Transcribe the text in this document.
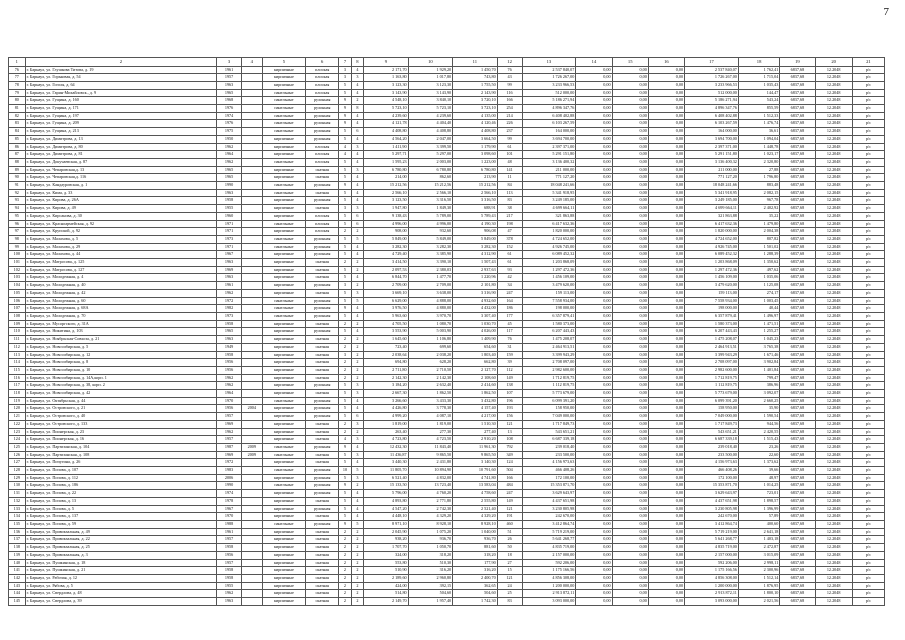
7
1	2	3	4	5	6	7	8	9	10	11	12	13	14	15	16	17	18	19	20	21
76	г. Барнаул, ул. Глушкова Титова, д. 19	1961		кирпичные	плоская	3	4	2 171,70	1 929,20	1 450,70	76	2 537 840,07	0,00	0,00	0,00	2 537 840,07	1 762,41	6837,68	12.2048	р/с
77	г. Барнаул, ул. Горьковая, д. 54	1957		кирпичные	плоская	3	3	1 163,80	1 017,80	743,80	43	1 726 267,00	0,00	0,00	0,00	1 726 267,00	1 715,04	6837,68	12.2048	р/с
78	г. Барнаул, ул. Гоголя, д. 64	1963		кирпичные	плоская	5	4	3 123,30	3 123,30	1 755,50	99	3 233 966,53	0,00	0,00	0,00	3 233 966,53	1 035,43	6837,68	12.2048	р/с
79	г. Барнаул, ул. Гарин-Михайловск., д. 9	1965		панельные	плоская	5	4	3 143,90	3 143,90	2 143,90	116	512 000,00	0,00	0,00	0,00	512 000,00	144,47	6837,68	12.2048	р/с
80	г. Барнаул, ул. Гущина, д. 160	1968		панельные	рулонная	9	2	4 548,10	3 840,10	3 720,10	166	5 186 271,94	0,00	0,00	0,00	5 186 271,94	543,24	6837,68	12.2048	р/с
81	г. Барнаул, ул. Гущина, д. 171	1976		панельные	рулонная	9	8	5 723,10	5 723,10	3 723,10	254	4 896 347,76	0,00	0,00	0,00	4 896 347,76	855,59	6837,68	12.2048	р/с
82	г. Барнаул, ул. Гущина, д. 197	1974		панельные	рулонная	9	4	4 239,60	4 239,60	4 135,00	214	6 408 402,88	0,00	0,00	0,00	6 408 402,88	1 512,33	6837,68	12.2048	р/с
83	г. Барнаул, ул. Гущина, д. 209	1976		панельные	рулонная	9	4	4 121,78	4 404,40	4 120,46	226	6 103 267,59	0,00	0,00	0,00	6 103 267,59	1 476,74	6837,68	12.2048	р/с
84	г. Барнаул, ул. Гущина, д. 213	1975		панельные	рулонная	5	6	4 408,80	4 408,80	4 408,80	237	164 000,00	0,00	0,00	0,00	164 000,00	36,61	6837,68	12.2048	р/с
85	г. Барнаул, ул. Димитрова, д. 13	1950		кирпичные	рулонная	5	4	4 564,20	2 047,00	3 664,50	99	3 694 700,00	0,00	0,00	0,00	3 694 700,00	1 094,04	6837,68	12.2048	р/с
86	г. Барнаул, ул. Димитрова, д. 80	1962		кирпичные	плоская	4	3	1 411,90	3 399,50	1 179,90	61	2 397 371,00	0,00	0,00	0,00	2 397 371,00	1 448,78	6837,68	12.2048	р/с
87	г. Барнаул, ул. Димитрова, д. 81	1964		кирпичные	плоская	4	4	5 297,71	5 297,00	3 098,60	101	5 291 151,80	0,00	0,00	0,00	5 291 151,80	1 023,17	6837,68	12.2048	р/с
88	г. Барнаул, ул. Докучаевская, д. 87	1962		панельные	плоская	5	4	1 595,23	2 003,00	1 223,00	48	3 136 400,32	0,00	0,00	0,00	3 136 400,32	2 320,80	6837,68	12.2048	р/с
89	г. Барнаул, ул. Чепаровская,д. 13	1965		кирпичные	скатная	5	3	6 780,80	6 780,80	6 780,80	141	211 000,00	0,00	0,00	0,00	211 000,00	27,88	6837,68	12.2048	р/с
90	г. Барнаул, ул. Чепаровская,д. 116	1965		кирпичные	скатная	5	4	214,00	862,60	213,90	11	771 127,20	0,00	0,00	0,00	771 127,20	1 796,80	6837,68	12.2048	р/с
91	г. Барнаул, ул. Кандауровская, д. 1	1990		панельные	рулонная	9	4	15 212,56	15 212,56	15 212,56	84	18 048 241,66	0,00	0,00	0,00	18 048 241,66	883,48	6837,68	12.2048	р/с
92	г. Барнаул, ул. Кима, д. 33	1963		панельные	скатная	5	4	2 566,10	2 566,10	2 566,10	113	5 341 918,95	0,00	0,00	0,00	5 341 918,95	2 082,15	6837,68	12.2048	р/с
93	г. Барнаул, ул. Кирова, д. 26А	1958		кирпичные	рулонная	5	4	3 123,50	3 316,50	3 316,50	83	3 249 185,00	0,00	0,00	0,00	3 249 185,00	967,78	6837,68	12.2048	р/с
94	г. Барнаул, ул. Кирова, д. 49	1955		кирпичные	скатная	3	3	1 947,80	1 849,30	688,91	38	4 699 664,11	0,00	0,00	0,00	4 699 664,11	2 402,92	6837,68	12.2048	р/с
95	г. Барнаул, ул. Кирсанова, д. 30	1960		кирпичные	плоская	5	6	9 138,43	5 789,00	5 789,43	217	321 863,88	0,00	0,00	0,00	321 863,88	35,22	6837,68	12.2048	р/с
96	г. Барнаул, ул. Красноармейская, д. 92	1971		панельные	плоская	5	6	4 996,00	4 996,00	4 190,30	198	6 417 632,36	0,00	0,00	0,00	6 417 632,36	1 479,80	6837,68	12.2048	р/с
97	г. Барнаул, ул. Крупской, д. 92	1971		кирпичные	плоская	2	2	908,00	932,60	906,08	47	1 820 000,00	0,00	0,00	0,00	1 820 000,00	2 004,38	6837,68	12.2048	р/с
98	г. Барнаул, ул. Малахова, д. 5	1973		панельные	рулонная	5	5	5 849,00	5 849,00	5 849,00	378	4 724 652,00	0,00	0,00	0,00	4 724 652,00	807,82	6837,68	12.2048	р/с
99	г. Барнаул, ул. Малахова, д. 29	1971		панельные	рулонная	5	4	3 282,30	3 282,30	3 282,30	152	4 926 745,00	0,00	0,00	0,00	4 926 745,00	1 501,02	6837,68	12.2048	р/с
100	г. Барнаул, ул. Малахова, д. 44	1967		кирпичные	рулонная	5	4	4 729,40	3 385,90	4 312,90	61	6 089 452,32	0,00	0,00	0,00	6 089 452,32	1 288,39	6837,68	12.2048	р/с
101	г. Барнаул, ул. Матросова, д. 125	1963		кирпичные	скатная	2	2	3 414,50	3 390,10	1 507,43	61	1 203 868,09	0,00	0,00	0,00	1 203 868,09	1 350,62	6837,68	12.2048	р/с
102	г. Барнаул, ул. Матросова, д. 127	1969		кирпичные	скатная	5	2	2 097,53	2 380,03	2 937,63	93	1 297 472,36	0,00	0,00	0,00	1 297 472,36	497,62	6837,68	12.2048	р/с
103	г. Барнаул, ул. Молодежная, д. 4	1963		кирпичные	скатная	5	4	6 844,70	1 477,70	1 220,96	42	1 456 109,00	0,00	0,00	0,00	1 456 109,00	1 035,06	6837,68	12.2048	р/с
104	г. Барнаул, ул. Молодежная, д. 40	1961		кирпичные	рулонная	3	2	2 709,00	2 709,00	2 101,80	34	3 479 620,00	0,00	0,00	0,00	3 479 620,00	1 125,08	6837,68	12.2048	р/с
105	г. Барнаул, ул. Молодежная, д. 42	1962		кирпичные	скатная	5	3	3 669,10	3 638,00	3 316,90	247	159 113,00	0,00	0,00	0,00	159 113,00	274,17	6837,68	12.2048	р/с
106	г. Барнаул, ул. Молодежная, д. 60	1972		панельные	рулонная	5	5	6 629,00	4 888,00	4 932,60	164	7 558 934,00	0,00	0,00	0,00	7 558 934,00	1 003,45	6837,68	12.2048	р/с
107	г. Барнаул, ул. Молодежная, д. 68А	1982		панельные	рулонная	9	4	3 976,50	4 880,00	4 432,00	186	198 000,00	0,00	0,00	0,00	198 000,00	40,44	6837,68	12.2048	р/с
108	г. Барнаул, ул. Молодежная, д. 70	1973		панельные	рулонная	5	4	5 963,60	3 970,70	3 307,40	177	6 357 879,41	0,00	0,00	0,00	6 357 879,41	1 496,97	6837,68	12.2048	р/с
109	г. Барнаул, ул. Мусоргского, д. 31А	1958		кирпичные	скатная	2	2	4 705,50	1 080,70	1 030,70	45	1 580 373,00	0,00	0,00	0,00	1 580 373,00	1 471,51	6837,68	12.2048	р/с
110	г. Барнаул, ул. Никитина, д. 103	1965		кирпичные	рулонная	5	4	3 553,90	5 003,90	4 026,00	117	6 207 443,43	0,00	0,00	0,00	6 207 443,43	1 255,27	6837,68	12.2048	р/с
111	г. Барнаул, ул. Ноябрьская-Совхоза, д. 21	1963		кирпичные	скатная	2	2	1 645,60	1 106,80	1 409,90	76	1 475 208,07	0,00	0,00	0,00	1 475 208,07	1 045,23	6837,68	12.2048	р/с
112	г. Барнаул, ул. Новосибирская, д. 5	1949		кирпичные	скатная	2	2	723,40	699,60	654,60	31	2 464 913,51	0,00	0,00	0,00	2 464 913,51	3 765,38	6837,68	12.2048	р/с
113	г. Барнаул, ул. Новосибирская, д. 12	1958		кирпичные	скатная	3	2	2 038,64	2 038,20	1 803,40	159	3 399 943,29	0,00	0,00	0,00	3 399 943,29	1 671,46	6837,68	12.2048	р/с
114	г. Барнаул, ул. Новосибирская, д. 8	1956		кирпичные	скатная	2	2	694,80	628,20	662,80	39	2 708 097,00	0,00	0,00	0,00	2 708 097,00	3 902,84	6837,68	12.2048	р/с
115	г. Барнаул, ул. Новосибирская, д. 10	1956		кирпичные	скатная	2	2	2 711,80	2 710,50	2 127,70	112	2 982 600,00	0,00	0,00	0,00	2 982 600,00	1 401,84	6837,68	12.2048	р/с
116	г. Барнаул, ул. Новосибирская, д. 14А,корп. 1	1962		кирпичные	скатная	2	2	2 142,30	2 142,30	2 108,60	149	1 712 819,75	0,00	0,00	0,00	1 712 819,75	799,47	6837,68	12.2048	р/с
117	г. Барнаул, ул. Новосибирская, д. 38, корп. 2	1962		кирпичные	рулонная	5	3	3 184,20	2 632,40	2 414,60	138	1 112 819,75	0,00	0,00	0,00	1 112 819,75	386,96	6837,68	12.2048	р/с
118	г. Барнаул, ул. Новосибирская, д. 42	1964		кирпичные	скатная	5	3	2 667,30	1 862,50	1 862,50	107	5 773 679,00	0,00	0,00	0,00	5 773 679,00	3 092,07	6837,68	12.2048	р/с
119	г. Барнаул, ул. Октябрьская, д. 44	1970		панельные	рулонная	5	4	3 266,60	3 433,30	3 432,80	196	6 099 391,20	0,00	0,00	0,00	6 099 391,20	2 660,25	6837,68	12.2048	р/с
120	г. Барнаул, ул. Островского, д. 21	1956	2004	кирпичные	рулонная	5	4	4 426,80	3 778,30	4 157,40	193	158 950,00	0,00	0,00	0,00	158 950,00	35,90	6837,68	12.2048	р/с
121	г. Барнаул, ул. Островского, д. 40	1957		кирпичные	рулонная	5	6	4 999,20	4 087,10	4 217,00	156	7 049 000,00	0,00	0,00	0,00	7 049 000,00	1 590,54	6837,68	12.2048	р/с
122	г. Барнаул, ул. Островского, д. 133	1969		кирпичные	скатная	2	3	1 819,00	1 819,00	1 510,30	121	1 717 849,73	0,00	0,00	0,00	1 717 849,73	944,56	6837,68	12.2048	р/с
123	г. Барнаул, ул. Пионерская, д. 23	1962		кирпичные	скатная	2	2	263,40	277,30	277,40	13	543 651,21	0,00	0,00	0,00	543 651,21	2 420,55	6837,68	12.2048	р/с
124	г. Барнаул, ул. Пионерская, д. 16	1957		кирпичные	скатная	4	3	4 723,80	4 723,50	2 910,20	108	6 687 339,18	0,00	0,00	0,00	6 687 339,18	1 515,43	6837,68	12.2048	р/с
125	г. Барнаул, ул. Партизанская, д. 104	1987	2009	панельные	рулонная	9	4	12 432,30	11 843,40	11 961,30	792	239 018,40	0,00	0,00	0,00	239 018,40	23,26	6837,68	12.2048	р/с
126	г. Барнаул, ул. Партизанская, д. 108	1969	2009	панельные	скатная	5	3	11 436,87	9 865,50	9 865,50	349	233 500,00	0,00	0,00	0,00	233 500,00	22,60	6837,68	12.2048	р/с
127	г. Барнаул, ул. Пичугина, д. 26	1972		кирпичные	скатная	5	4	3 440,30	2 431,80	3 140,30	124	4 156 973,63	0,00	0,00	0,00	4 156 973,63	1 373,62	6837,68	12.2048	р/с
128	г. Барнаул, ул. Попова, д. 107	1983		панельные	рулонная	10	5	11 805,70	10 894,90	10 791,60	504	466 408,26	0,00	0,00	0,00	466 408,26	39,66	6837,68	12.2048	р/с
129	г. Барнаул, ул. Попова, д. 112	2006		кирпичные	рулонная	5	3	6 521,40	4 832,00	4 741,80	166	172 100,00	0,00	0,00	0,00	172 100,00	48,97	6837,68	12.2048	р/с
130	г. Барнаул, ул. Попова, д. 186	1990		панельные	рулонная	9	2	15 133,50	13 723,40	13 583,04	484	15 353 871,70	0,00	0,00	0,00	15 353 871,70	1 014,25	6837,68	12.2048	р/с
131	г. Барнаул, ул. Попова, д. 22	1974		кирпичные	рулонная	5	4	5 796,00	4 760,20	4 758,60	247	3 629 643,97	0,00	0,00	0,00	3 629 643,97	723,01	6837,68	12.2048	р/с
132	г. Барнаул, ул. Попова, д. 13	1978		кирпичные	скатная	5	4	4 893,80	2 771,80	2 555,80	149	4 437 651,98	0,00	0,00	0,00	4 437 651,98	1 898,57	6837,68	12.2048	р/с
133	г. Барнаул, ул. Попова, д. 5	1967		кирпичные	рулонная	5	4	4 547,20	2 742,30	2 521,40	121	3 230 805,98	0,00	0,00	0,00	3 230 805,98	1 396,99	6837,68	12.2048	р/с
134	г. Барнаул, ул. Попова, д. 137	1970		кирпичные	скатная	5	4	4 448,10	4 329,20	4 329,20	191	242 670,00	0,00	0,00	0,00	242 670,00	57,89	6837,68	12.2048	р/с
135	г. Барнаул, ул. Попова, д. 59	1988		панельные	рулонная	9	5	8 971,10	8 928,10	8 928,10	460	3 412 864,74	0,00	0,00	0,00	3 412 864,74	400,60	6837,68	12.2048	р/с
136	г. Барнаул, ул. Привокзальная, д. 49	1961		кирпичные	скатная	2	2	2 045,90	1 075,20	1 040,00	51	5 719 219,00	0,00	0,00	0,00	5 719 219,00	2 641,18	6837,68	12.2048	р/с
137	г. Барнаул, ул. Привокзальная, д. 22	1957		кирпичные	скатная	2	2	938,20	936,70	936,70	26	5 641 268,77	0,00	0,00	0,00	5 641 268,77	1 403,18	6837,68	12.2048	р/с
138	г. Барнаул, ул. Привокзальная, д. 25	1958		кирпичные	скатная	2	2	1 707,70	1 050,70	881,60	50	4 835 719,00	0,00	0,00	0,00	4 835 719,00	2 472,87	6837,68	12.2048	р/с
139	г. Барнаул, ул. Привокзальная, д. 3	1956		кирпичные	скатная	2	2	324,00	318,20	318,20	18	2 157 000,00	0,00	0,00	0,00	2 157 000,00	3 015,09	6837,68	12.2048	р/с
140	г. Барнаул, ул. Пушкинская, д. 18	1957		кирпичные	скатная	2	2	553,80	510,30	177,90	27	592 206,00	0,00	0,00	0,00	592 206,00	2 998,11	6837,68	12.2048	р/с
141	г. Барнаул, ул. Пушкинская, д. 21	1958		кирпичные	скатная	2	2	510,90	316,20	316,20	15	1 175 166,56	0,00	0,00	0,00	1 175 166,56	2 300,96	6837,68	12.2048	р/с
142	г. Барнаул, ул. Рабочая, д. 12	1958		кирпичные	скатная	2	2	2 189,60	2 960,80	2 400,70	121	4 856 308,00	0,00	0,00	0,00	4 856 308,00	1 512,14	6837,68	12.2048	р/с
143	г. Барнаул, ул. Рябова, д. 5	1955		кирпичные	скатная	2	2	424,00	392,15	362,65	24	1 200 000,00	0,00	0,00	0,00	1 200 000,00	1 876,95	6837,68	12.2048	р/с
144	г. Барнаул, ул. Свердлова, д. 48	1962		кирпичные	скатная	2	2	514,80	504,60	504,60	25	2 913 872,11	0,00	0,00	0,00	2 913 872,11	1 800,10	6837,68	12.2048	р/с
145	г. Барнаул, ул. Свердлова, д. 39	1963		кирпичные	скатная	2	2	2 149,70	1 957,40	1 742,30	83	3 093 000,00	0,00	0,00	0,00	3 093 000,00	2 021,56	6837,68	12.2048	р/с
